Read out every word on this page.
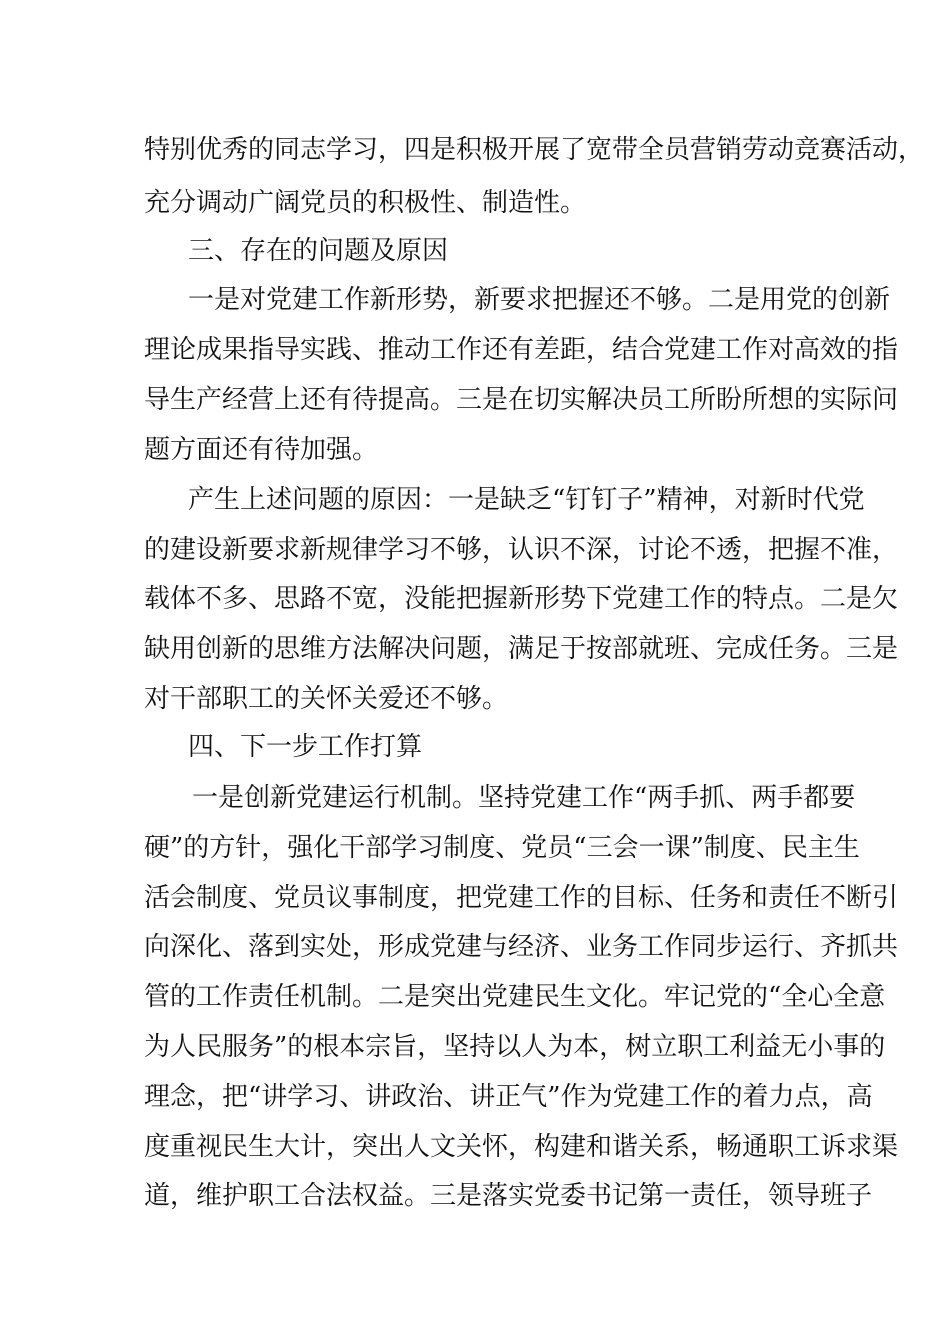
特别优秀的同志学习，四是积极开展了宽带全员营销劳动竞赛活动，
充分调动广阔党员的积极性、制造性。
三、存在的问题及原因
一是对党建工作新形势，新要求把握还不够。二是用党的创新
理论成果指导实践、推动工作还有差距，结合党建工作对高效的指
导生产经营上还有待提高。三是在切实解决员工所盼所想的实际问
题方面还有待加强。
产生上述问题的原因：一是缺乏“钉钉子”精神，对新时代党
的建设新要求新规律学习不够，认识不深，讨论不透，把握不准，
载体不多、思路不宽，没能把握新形势下党建工作的特点。二是欠
缺用创新的思维方法解决问题，满足于按部就班、完成任务。三是
对干部职工的关怀关爱还不够。
四、下一步工作打算
一是创新党建运行机制。坚持党建工作“两手抓、两手都要
硬”的方针，强化干部学习制度、党员“三会一课”制度、民主生
活会制度、党员议事制度，把党建工作的目标、任务和责任不断引
向深化、落到实处，形成党建与经济、业务工作同步运行、齐抓共
管的工作责任机制。二是突出党建民生文化。牢记党的“全心全意
为人民服务”的根本宗旨，坚持以人为本，树立职工利益无小事的
理念，把“讲学习、讲政治、讲正气”作为党建工作的着力点，高
度重视民生大计，突出人文关怀，构建和谐关系，畅通职工诉求渠
道，维护职工合法权益。三是落实党委书记第一责任，领导班子
